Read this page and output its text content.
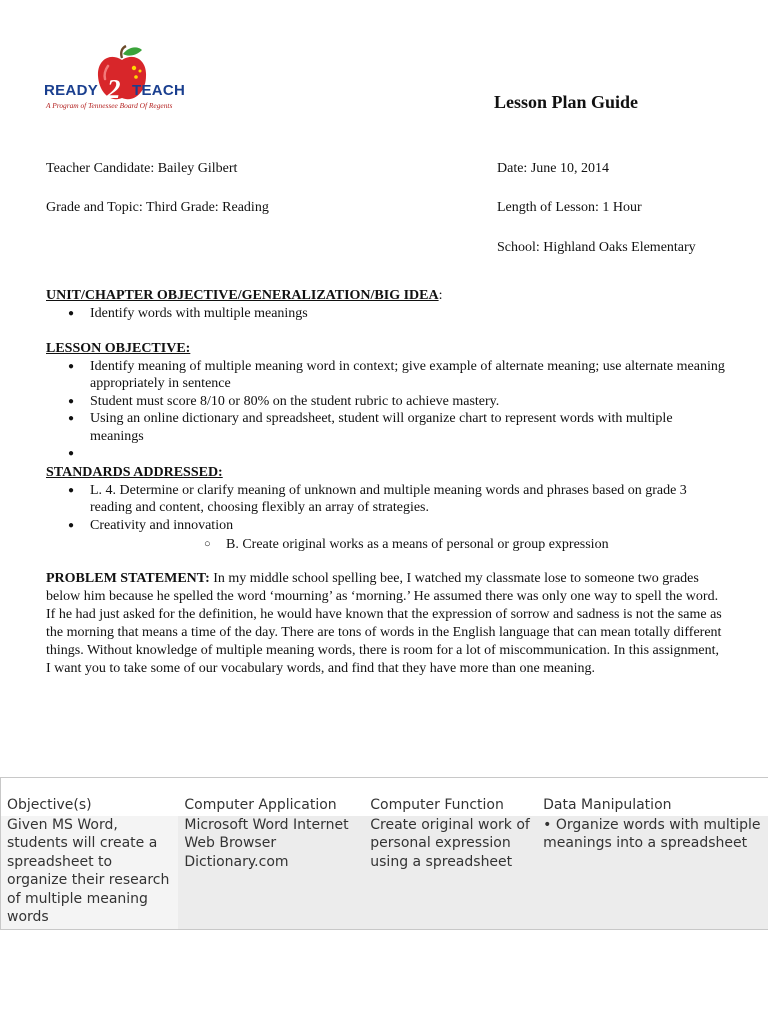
READY 2 TEACH
A Program of Tennessee Board Of Regents	Lesson Plan Guide
Teacher Candidate: Bailey Gilbert	Date: June 10, 2014
Grade and Topic: Third Grade: Reading	Length of Lesson: 1 Hour
School: Highland Oaks Elementary
UNIT/CHAPTER OBJECTIVE/GENERALIZATION/BIG IDEA:
● Identify words with multiple meanings
LESSON OBJECTIVE:
● Identify meaning of multiple meaning word in context; give example of alternate meaning; use alternate meaning appropriately in sentence
● Student must score 8/10 or 80% on the student rubric to achieve mastery.
● Using an online dictionary and spreadsheet, student will organize chart to represent words with multiple meanings
●
STANDARDS ADDRESSED:
● L. 4. Determine or clarify meaning of unknown and multiple meaning words and phrases based on grade 3 reading and content, choosing flexibly an array of strategies.
● Creativity and innovation
○ B. Create original works as a means of personal or group expression
PROBLEM STATEMENT: In my middle school spelling bee, I watched my classmate lose to someone two grades below him because he spelled the word ‘mourning’ as ‘morning.’ He assumed there was only one way to spell the word. If he had just asked for the definition, he would have known that the expression of sorrow and sadness is not the same as the morning that means a time of the day. There are tons of words in the English language that can mean totally different things. Without knowledge of multiple meaning words, there is room for a lot of miscommunication. In this assignment, I want you to take some of our vocabulary words, and find that they have more than one meaning.
Objective(s)	Computer Application	Computer Function	Data Manipulation
Given MS Word, students will create a spreadsheet to organize their research of multiple meaning words	Microsoft Word Internet Web Browser Dictionary.com	Create original work of personal expression using a spreadsheet	• Organize words with multiple meanings into a spreadsheet
